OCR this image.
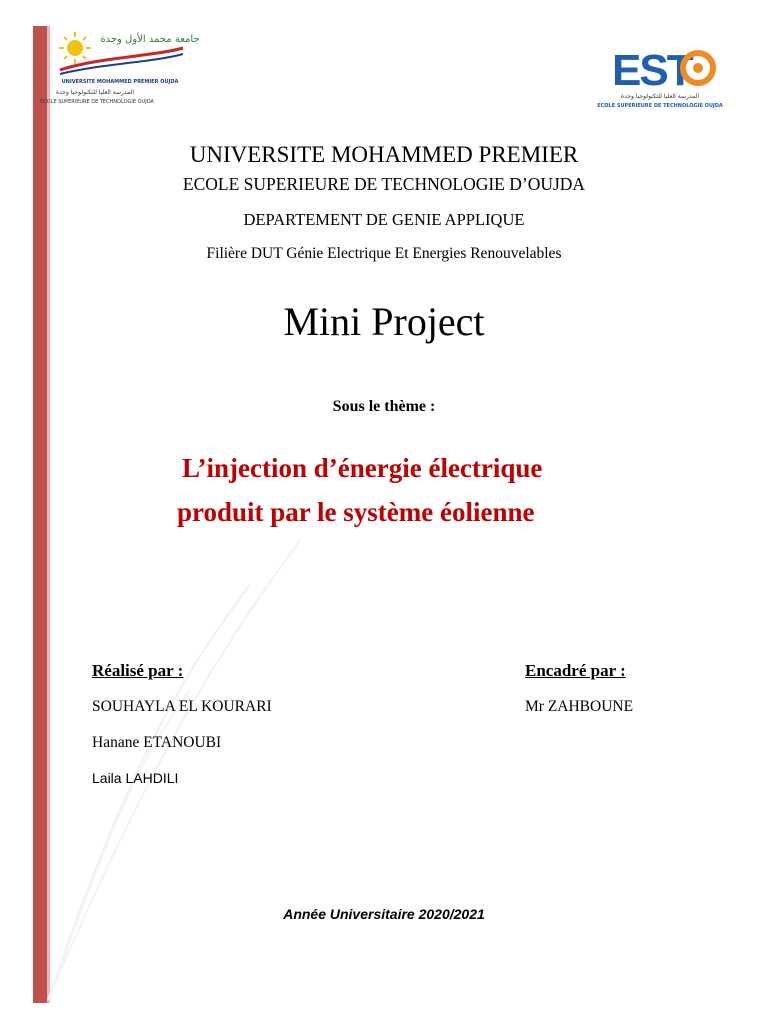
جامعة محمد الأول وجدة
UNIVERSITE MOHAMMED PREMIER OUJDA
المدرسة العليا للتكنولوجيا وجدة
ECOLE SUPERIEURE DE TECHNOLOGIE OUJDA
EST
المدرسة العليا للتكنولوجيا وجدة
ECOLE SUPERIEURE DE TECHNOLOGIE OUJDA
UNIVERSITE MOHAMMED PREMIER
ECOLE SUPERIEURE DE TECHNOLOGIE D’OUJDA
DEPARTEMENT DE GENIE APPLIQUE
Filière DUT Génie Electrique Et Energies Renouvelables
Mini Project
Sous le thème :
L’injection d’énergie électrique
produit par le système éolienne
Réalisé par :
SOUHAYLA EL KOURARI
Hanane ETANOUBI
Laila LAHDILI
Encadré par :
Mr ZAHBOUNE
Année Universitaire 2020/2021
